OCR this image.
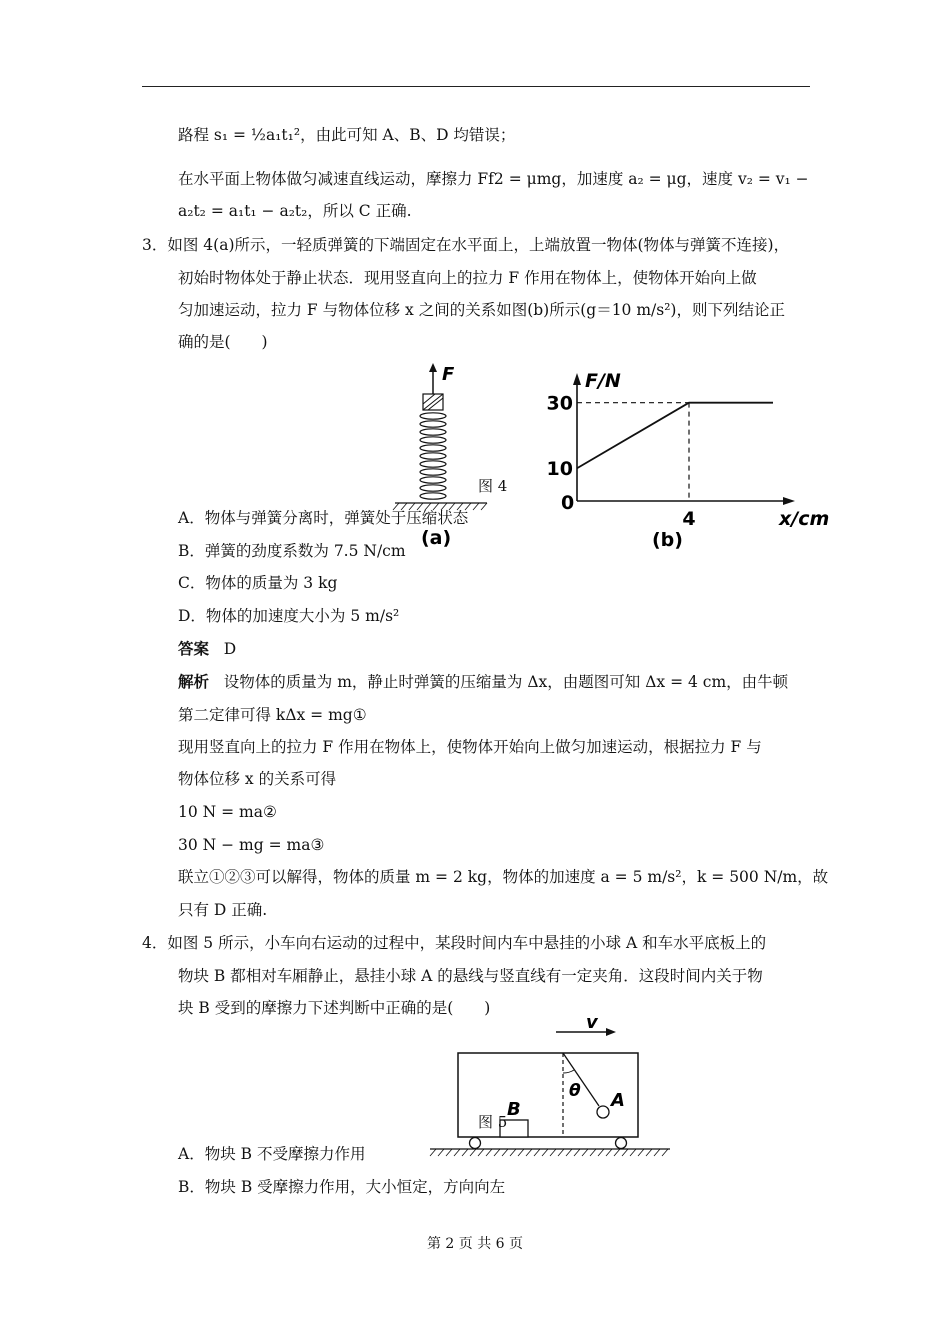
路程 s₁ = ½a₁t₁²，由此可知 A、B、D 均错误；
在水平面上物体做匀减速直线运动，摩擦力 Ff2 = μmg，加速度 a₂ = μg，速度 v₂ = v₁ −
a₂t₂ = a₁t₁ − a₂t₂，所以 C 正确.
3．如图 4(a)所示，一轻质弹簧的下端固定在水平面上，上端放置一物体(物体与弹簧不连接)，
初始时物体处于静止状态．现用竖直向上的拉力 F 作用在物体上，使物体开始向上做
匀加速运动，拉力 F 与物体位移 x 之间的关系如图(b)所示(g＝10 m/s²)，则下列结论正
确的是(　　)
F
(a)
图 4
F/N
x/cm
0
10
30
4
(b)
A．物体与弹簧分离时，弹簧处于压缩状态
B．弹簧的劲度系数为 7.5 N/cm
C．物体的质量为 3 kg
D．物体的加速度大小为 5 m/s²
答案 D
解析 设物体的质量为 m，静止时弹簧的压缩量为 Δx，由题图可知 Δx = 4 cm，由牛顿
第二定律可得 kΔx = mg①
现用竖直向上的拉力 F 作用在物体上，使物体开始向上做匀加速运动，根据拉力 F 与
物体位移 x 的关系可得
10 N = ma②
30 N − mg = ma③
联立①②③可以解得，物体的质量 m = 2 kg，物体的加速度 a = 5 m/s²，k = 500 N/m，故
只有 D 正确.
4．如图 5 所示，小车向右运动的过程中，某段时间内车中悬挂的小球 A 和车水平底板上的
物块 B 都相对车厢静止，悬挂小球 A 的悬线与竖直线有一定夹角．这段时间内关于物
块 B 受到的摩擦力下述判断中正确的是(　　)
v
θ A
B
图 5
A．物块 B 不受摩擦力作用
B．物块 B 受摩擦力作用，大小恒定，方向向左
第 2 页 共 6 页
